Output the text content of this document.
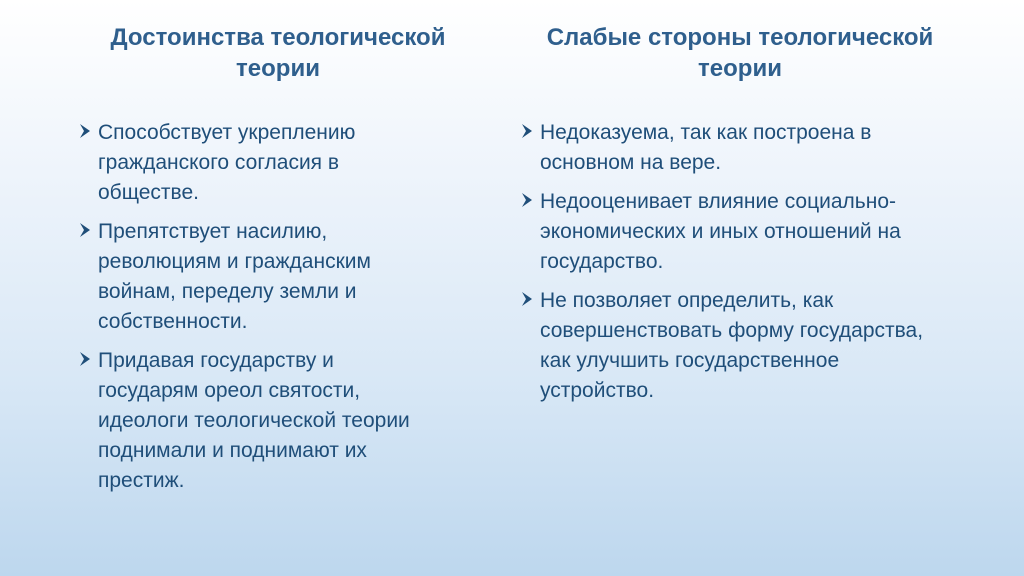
Достоинства теологической теории
Способствует укреплению гражданского согласия в обществе.
Препятствует насилию, революциям и гражданским войнам, переделу земли и собственности.
Придавая государству и государям ореол святости, идеологи теологической теории поднимали и поднимают их престиж.
Слабые стороны теологической теории
Недоказуема, так как построена в основном на вере.
Недооценивает влияние социально-экономических и иных отношений на государство.
Не позволяет определить, как совершенствовать форму государства, как улучшить государственное устройство.
